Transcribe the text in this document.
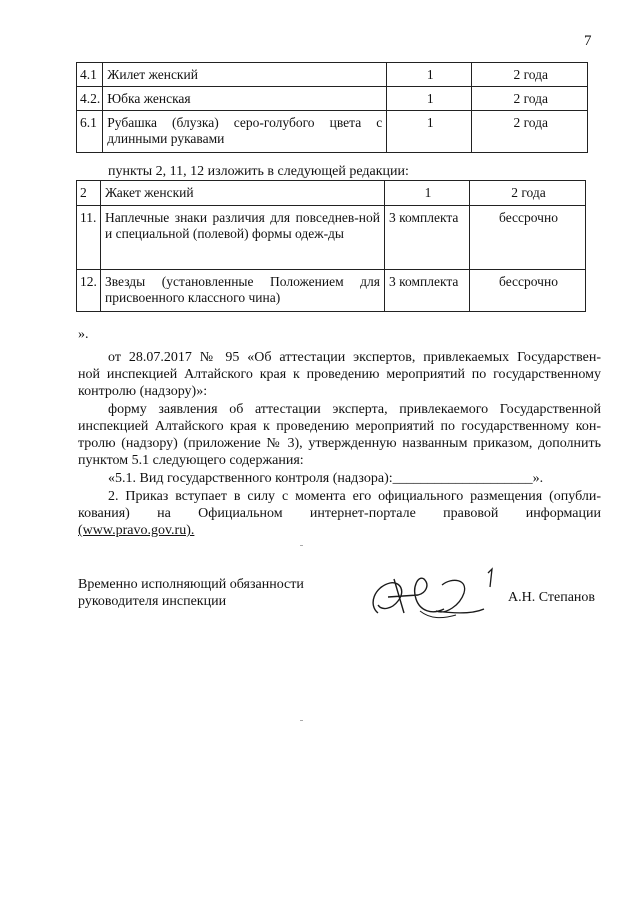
7
4.1	Жилет женский	1	2 года
4.2.	Юбка женская	1	2 года
6.1	Рубашка (блузка) серо-голубого цвета с длинными рукавами	1	2 года
пункты 2, 11, 12 изложить в следующей редакции:
2	Жакет женский	1	2 года
11.	Наплечные знаки различия для повседнев-ной и специальной (полевой) формы одеж-ды	3 комплекта	бессрочно
12.	Звезды (установленные Положением для присвоенного классного чина)	3 комплекта	бессрочно
».
от 28.07.2017 № 95 «Об аттестации экспертов, привлекаемых Государствен-
ной инспекцией Алтайского края к проведению мероприятий по государственному
контролю (надзору)»:
форму заявления об аттестации эксперта, привлекаемого Государственной
инспекцией Алтайского края к проведению мероприятий по государственному кон-
тролю (надзору) (приложение № 3), утвержденную названным приказом, дополнить
пунктом 5.1 следующего содержания:
«5.1. Вид государственного контроля (надзора):____________________».
2. Приказ вступает в силу с момента его официального размещения (опубли-
кования) на Официальном интернет-портале правовой информации
(www.pravo.gov.ru).
Временно исполняющий обязанности
руководителя инспекции	А.Н. Степанов
